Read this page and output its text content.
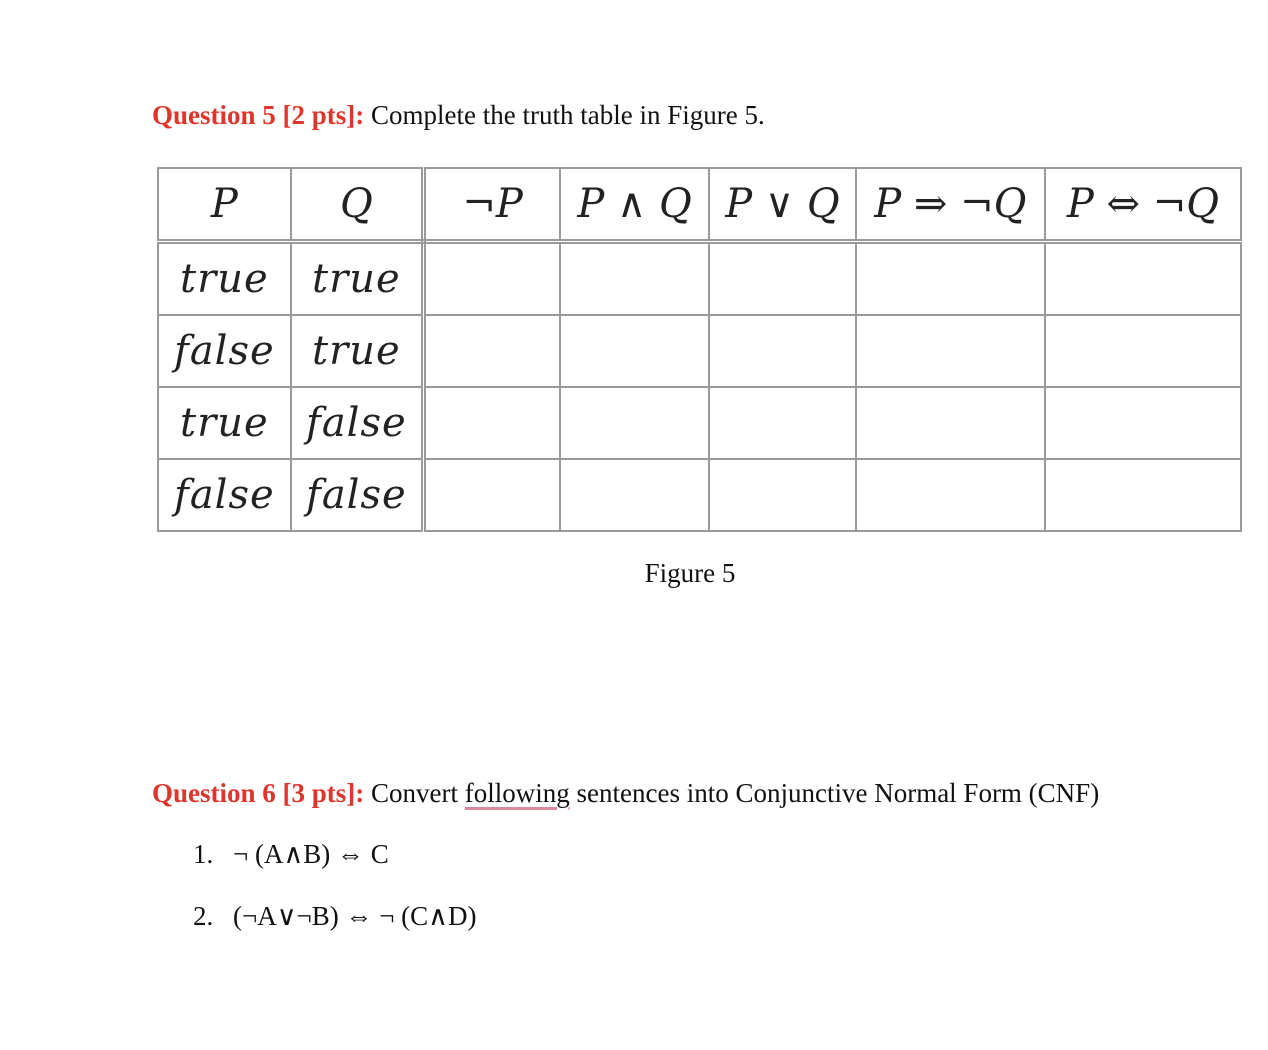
Question 5 [2 pts]: Complete the truth table in Figure 5.
P	Q	¬P	P ∧ Q	P ∨ Q	P ⇒ ¬Q	P ⇔ ¬Q
true	true					
false	true					
true	false					
false	false					
Figure 5
Question 6 [3 pts]: Convert following sentences into Conjunctive Normal Form (CNF)
1. ¬ (A∧B) ⇔ C
2. (¬A∨¬B) ⇔ ¬ (C∧D)
